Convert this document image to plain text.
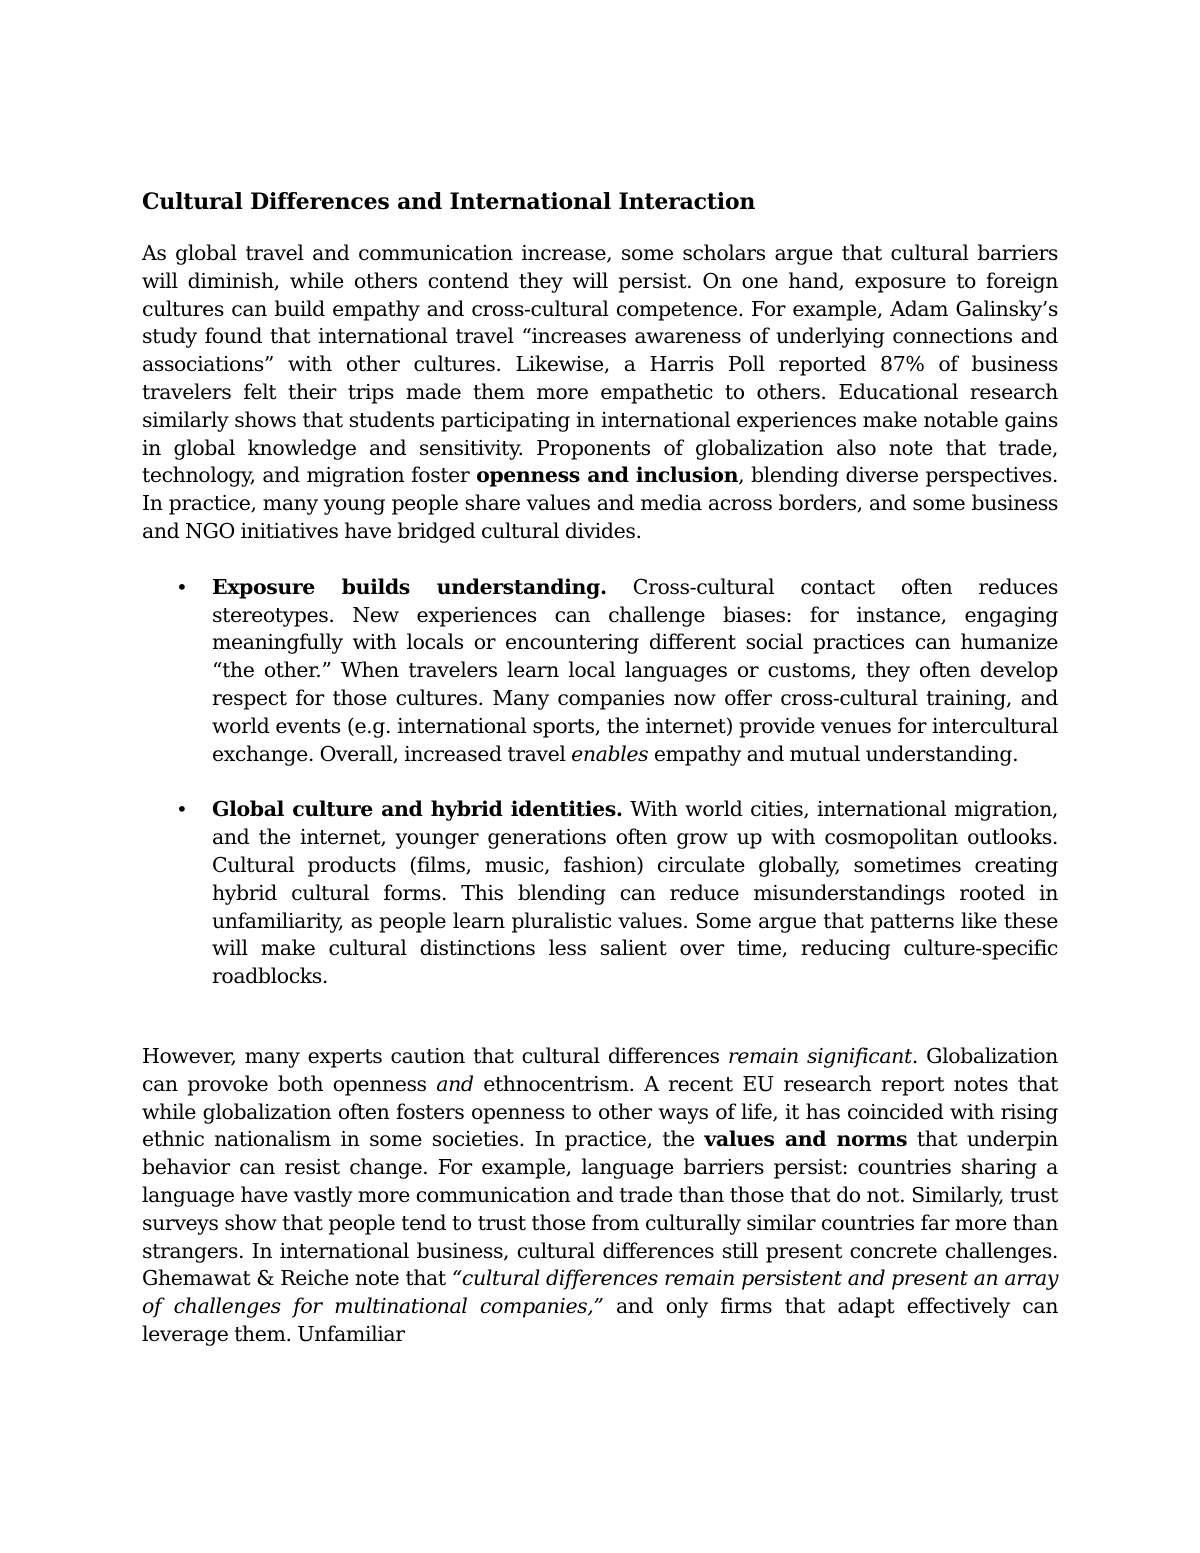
Cultural Differences and International Interaction

As global travel and communication increase, some scholars argue that cultural barriers will diminish, while others contend they will persist. On one hand, exposure to foreign cultures can build empathy and cross-cultural competence. For example, Adam Galinsky’s study found that international travel “increases awareness of underlying connections and associations” with other cultures. Likewise, a Harris Poll reported 87% of business travelers felt their trips made them more empathetic to others. Educational research similarly shows that students participating in international experiences make notable gains in global knowledge and sensitivity. Proponents of globalization also note that trade, technology, and migration foster openness and inclusion, blending diverse perspectives. In practice, many young people share values and media across borders, and some business and NGO initiatives have bridged cultural divides.

• Exposure builds understanding. Cross-cultural contact often reduces stereotypes. New experiences can challenge biases: for instance, engaging meaningfully with locals or encountering different social practices can humanize “the other.” When travelers learn local languages or customs, they often develop respect for those cultures. Many companies now offer cross-cultural training, and world events (e.g. international sports, the internet) provide venues for intercultural exchange. Overall, increased travel enables empathy and mutual understanding.

• Global culture and hybrid identities. With world cities, international migration, and the internet, younger generations often grow up with cosmopolitan outlooks. Cultural products (films, music, fashion) circulate globally, sometimes creating hybrid cultural forms. This blending can reduce misunderstandings rooted in unfamiliarity, as people learn pluralistic values. Some argue that patterns like these will make cultural distinctions less salient over time, reducing culture-specific roadblocks.

However, many experts caution that cultural differences remain significant. Globalization can provoke both openness and ethnocentrism. A recent EU research report notes that while globalization often fosters openness to other ways of life, it has coincided with rising ethnic nationalism in some societies. In practice, the values and norms that underpin behavior can resist change. For example, language barriers persist: countries sharing a language have vastly more communication and trade than those that do not. Similarly, trust surveys show that people tend to trust those from culturally similar countries far more than strangers. In international business, cultural differences still present concrete challenges. Ghemawat & Reiche note that “cultural differences remain persistent and present an array of challenges for multinational companies,” and only firms that adapt effectively can leverage them. Unfamiliar
